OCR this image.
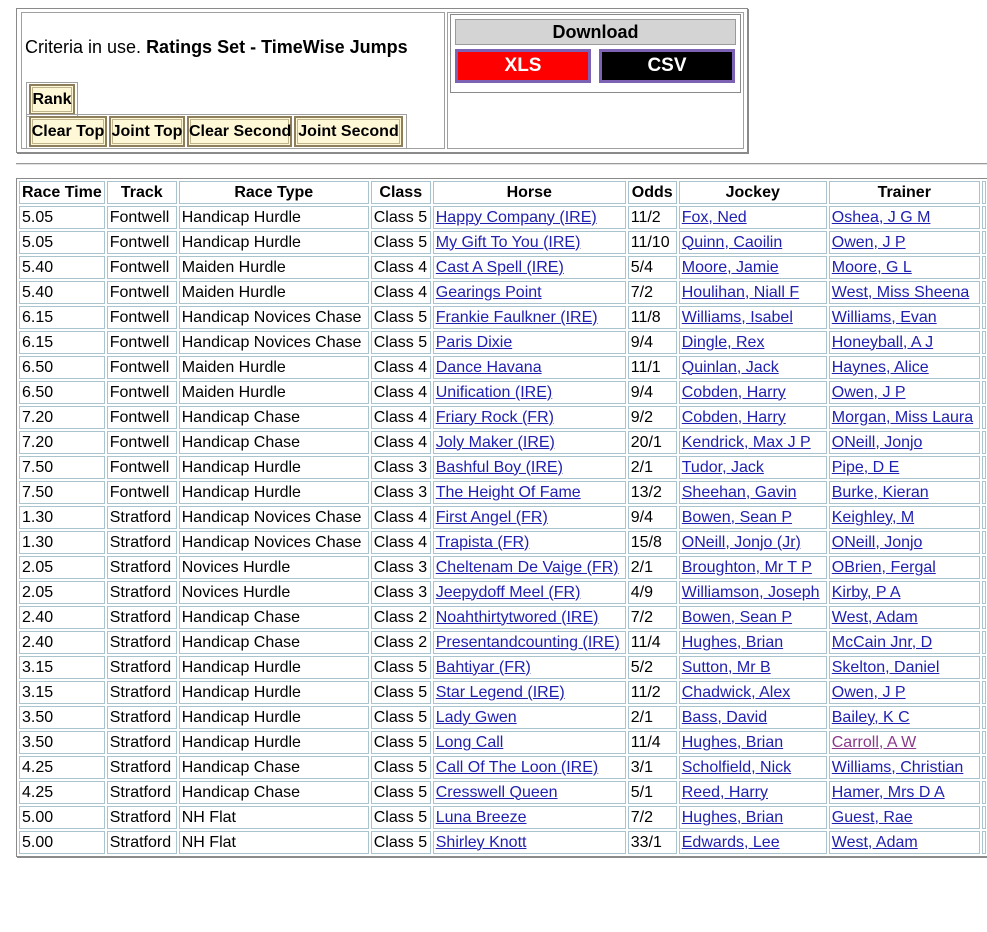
Criteria in use. Ratings Set - TimeWise Jumps
Rank
Clear Top Joint Top Clear Second Joint Second
Download
XLS	CSV
Race Time	Track	Race Type	Class	Horse	Odds	Jockey	Trainer	
5.05	Fontwell	Handicap Hurdle	Class 5	Happy Company (IRE)	11/2	Fox, Ned	Oshea, J G M	
5.05	Fontwell	Handicap Hurdle	Class 5	My Gift To You (IRE)	11/10	Quinn, Caoilin	Owen, J P	
5.40	Fontwell	Maiden Hurdle	Class 4	Cast A Spell (IRE)	5/4	Moore, Jamie	Moore, G L	
5.40	Fontwell	Maiden Hurdle	Class 4	Gearings Point	7/2	Houlihan, Niall F	West, Miss Sheena	
6.15	Fontwell	Handicap Novices Chase	Class 5	Frankie Faulkner (IRE)	11/8	Williams, Isabel	Williams, Evan	
6.15	Fontwell	Handicap Novices Chase	Class 5	Paris Dixie	9/4	Dingle, Rex	Honeyball, A J	
6.50	Fontwell	Maiden Hurdle	Class 4	Dance Havana	11/1	Quinlan, Jack	Haynes, Alice	
6.50	Fontwell	Maiden Hurdle	Class 4	Unification (IRE)	9/4	Cobden, Harry	Owen, J P	
7.20	Fontwell	Handicap Chase	Class 4	Friary Rock (FR)	9/2	Cobden, Harry	Morgan, Miss Laura	
7.20	Fontwell	Handicap Chase	Class 4	Joly Maker (IRE)	20/1	Kendrick, Max J P	ONeill, Jonjo	
7.50	Fontwell	Handicap Hurdle	Class 3	Bashful Boy (IRE)	2/1	Tudor, Jack	Pipe, D E	
7.50	Fontwell	Handicap Hurdle	Class 3	The Height Of Fame	13/2	Sheehan, Gavin	Burke, Kieran	
1.30	Stratford	Handicap Novices Chase	Class 4	First Angel (FR)	9/4	Bowen, Sean P	Keighley, M	
1.30	Stratford	Handicap Novices Chase	Class 4	Trapista (FR)	15/8	ONeill, Jonjo (Jr)	ONeill, Jonjo	
2.05	Stratford	Novices Hurdle	Class 3	Cheltenam De Vaige (FR)	2/1	Broughton, Mr T P	OBrien, Fergal	
2.05	Stratford	Novices Hurdle	Class 3	Jeepydoff Meel (FR)	4/9	Williamson, Joseph	Kirby, P A	
2.40	Stratford	Handicap Chase	Class 2	Noahthirtytwored (IRE)	7/2	Bowen, Sean P	West, Adam	
2.40	Stratford	Handicap Chase	Class 2	Presentandcounting (IRE)	11/4	Hughes, Brian	McCain Jnr, D	
3.15	Stratford	Handicap Hurdle	Class 5	Bahtiyar (FR)	5/2	Sutton, Mr B	Skelton, Daniel	
3.15	Stratford	Handicap Hurdle	Class 5	Star Legend (IRE)	11/2	Chadwick, Alex	Owen, J P	
3.50	Stratford	Handicap Hurdle	Class 5	Lady Gwen	2/1	Bass, David	Bailey, K C	
3.50	Stratford	Handicap Hurdle	Class 5	Long Call	11/4	Hughes, Brian	Carroll, A W	
4.25	Stratford	Handicap Chase	Class 5	Call Of The Loon (IRE)	3/1	Scholfield, Nick	Williams, Christian	
4.25	Stratford	Handicap Chase	Class 5	Cresswell Queen	5/1	Reed, Harry	Hamer, Mrs D A	
5.00	Stratford	NH Flat	Class 5	Luna Breeze	7/2	Hughes, Brian	Guest, Rae	
5.00	Stratford	NH Flat	Class 5	Shirley Knott	33/1	Edwards, Lee	West, Adam	
